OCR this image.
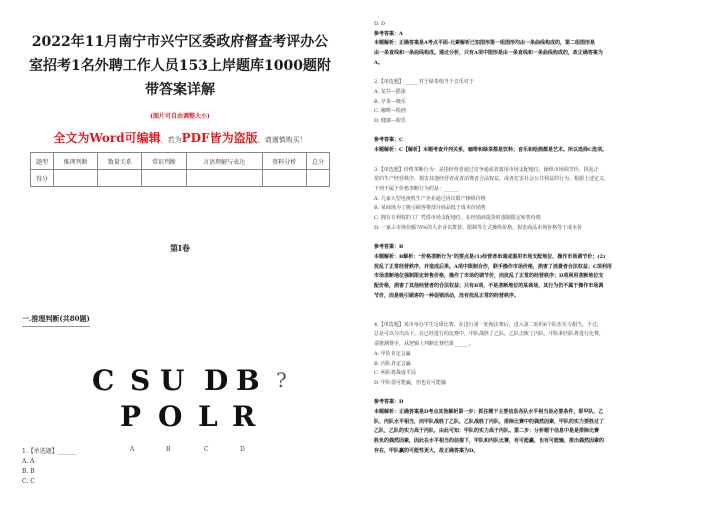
2022年11月南宁市兴宁区委政府督查考评办公
室招考1名外聘工作人员153上岸题库1000题附
带答案详解
(图片可自由调整大小)
全文为Word可编辑，若为PDF皆为盗版，请谨慎购买！
题型	推理判断	数量关系	常识判断	言语理解与表达	资料分析	总分
得分						
第I卷
一.推理判断(共80题)
C S U D B ?
P O L R
A	B	C	D
1.【单选题】______
A. A
B. B
C. C
D. D
参考答案：A
本题解析：正确答案是A考点平面-元素解析已知图形第一组图形均由一条曲线构成的，第二组图形是
由一条直线和一条曲线构成。通过分析，只有A项中图形是由一条直线和一条曲线构成的，故正确答案为
A。
2.【单选题】______对于绿茶相当于音乐对于
A. 龙井—摇滚
B. 早茶—晚乐
C. 咖啡—绘画
D. 健康—娱乐
参考答案：C
本题解析：C【解析】本题考查并列关系，咖啡和绿茶都是饮料；音乐和绘画都是艺术。所以选择C选项。
3.【单选题】价格垄断行为：是指经营者通过竞争通或者滥用市场支配地位，操纵市场调节价，扰乱正
常的生产经营秩序，损害其他经营者或者消费者合法权益，或者危害社会公共利益的行为。根据上述定义，
下列不属于价格垄断行为的是：______
A. 几家大型电视机生产企业通过协议限产操纵价格
B. 某商场为了吸引顾客将部分商品低于成本价销售
C. 拥有专利权的工厂凭借市场支配地位，在经销商提货时强制限定转售价格
D. 一家占市场份额70%的大企业以排挤、限制等方式操纵价格，损害商品市场价格等于成本价
参考答案：B
本题解析：B解析：“价格垄断行为”的要点是(1)经营者串通或滥用市场支配地位，操作市场调节价；(2)
扰乱了正常经营秩序，并造成后果。A项中限制合作，联手操作市场价格，损害了消费者合法权益；C项利用
市场垄断地位强制限定转售价格，操作了市场的调节价，而扰乱了正常的经营秩序；D项利用垄断地位支
配价格，损害了其他经营者的合法权益；只有B项，不是垄断地位的某商场，其行为仍不属于操作市场调
节价，而是吸引顾客的一种促销活动，没有扰乱正常的经营秩序。
4.【单选题】某市举办学生足球比赛，在进行第一轮淘汰赛后，进入第二轮的6个队伍实力相当，不过，
总是可以分出高下。在已经进行的比赛中，甲队战胜了乙队，乙队击败了丙队，甲队和丙队将进行比赛，
请推测赛手，从逻辑上判断比赛结果______。
A. 甲队肯定会赢
B. 丙队肯定会赢
C. 两队将战成平局
D. 甲队很可能赢，但也有可能输
参考答案：D
本题解析：正确答案是D考点其他解析第一步：抓住题干主要信息各队水平相当是必要条件，即甲队、乙
队、丙队水平相当，而甲队战胜了乙队，乙队战胜了丙队，排除比赛中的偶然因素，甲队的实力要胜过了
乙队，乙队的实力高于丙队，由此可知：甲队的实力高于丙队。第二步：分析题干信息中是是排除比赛
胜负的偶然因素，因此在水平相当的前提下，甲队和丙队比赛，有可能赢，也有可能输，排出偶然因素的
存在，甲队赢的可能性更大，故正确答案为D。
